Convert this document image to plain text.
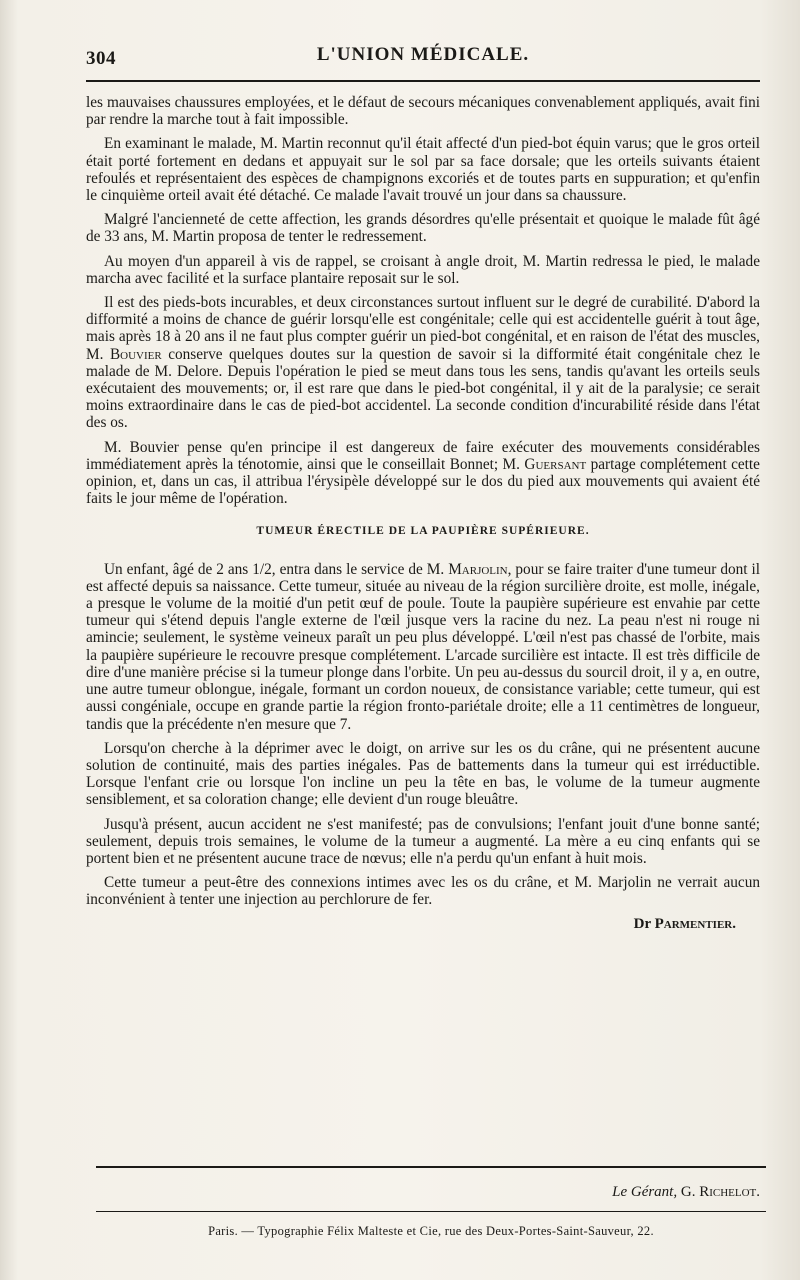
304	L'UNION MÉDICALE.

les mauvaises chaussures employées, et le défaut de secours mécaniques convenablement appliqués, avait fini par rendre la marche tout à fait impossible.

En examinant le malade, M. Martin reconnut qu'il était affecté d'un pied-bot équin varus; que le gros orteil était porté fortement en dedans et appuyait sur le sol par sa face dorsale; que les orteils suivants étaient refoulés et représentaient des espèces de champignons excoriés et de toutes parts en suppuration; et qu'enfin le cinquième orteil avait été détaché. Ce malade l'avait trouvé un jour dans sa chaussure.

Malgré l'ancienneté de cette affection, les grands désordres qu'elle présentait et quoique le malade fût âgé de 33 ans, M. Martin proposa de tenter le redressement.

Au moyen d'un appareil à vis de rappel, se croisant à angle droit, M. Martin redressa le pied, le malade marcha avec facilité et la surface plantaire reposait sur le sol.

Il est des pieds-bots incurables, et deux circonstances surtout influent sur le degré de curabilité. D'abord la difformité a moins de chance de guérir lorsqu'elle est congénitale; celle qui est accidentelle guérit à tout âge, mais après 18 à 20 ans il ne faut plus compter guérir un pied-bot congénital, et en raison de l'état des muscles, M. Bouvier conserve quelques doutes sur la question de savoir si la difformité était congénitale chez le malade de M. Delore. Depuis l'opération le pied se meut dans tous les sens, tandis qu'avant les orteils seuls exécutaient des mouvements; or, il est rare que dans le pied-bot congénital, il y ait de la paralysie; ce serait moins extraordinaire dans le cas de pied-bot accidentel. La seconde condition d'incurabilité réside dans l'état des os.

M. Bouvier pense qu'en principe il est dangereux de faire exécuter des mouvements considérables immédiatement après la ténotomie, ainsi que le conseillait Bonnet; M. Guersant partage complétement cette opinion, et, dans un cas, il attribua l'érysipèle développé sur le dos du pied aux mouvements qui avaient été faits le jour même de l'opération.

TUMEUR ÉRECTILE DE LA PAUPIÈRE SUPÉRIEURE.

Un enfant, âgé de 2 ans 1/2, entra dans le service de M. Marjolin, pour se faire traiter d'une tumeur dont il est affecté depuis sa naissance. Cette tumeur, située au niveau de la région surcilière droite, est molle, inégale, a presque le volume de la moitié d'un petit œuf de poule. Toute la paupière supérieure est envahie par cette tumeur qui s'étend depuis l'angle externe de l'œil jusque vers la racine du nez. La peau n'est ni rouge ni amincie; seulement, le système veineux paraît un peu plus développé. L'œil n'est pas chassé de l'orbite, mais la paupière supérieure le recouvre presque complétement. L'arcade surcilière est intacte. Il est très difficile de dire d'une manière précise si la tumeur plonge dans l'orbite. Un peu au-dessus du sourcil droit, il y a, en outre, une autre tumeur oblongue, inégale, formant un cordon noueux, de consistance variable; cette tumeur, qui est aussi congéniale, occupe en grande partie la région fronto-pariétale droite; elle a 11 centimètres de longueur, tandis que la précédente n'en mesure que 7.

Lorsqu'on cherche à la déprimer avec le doigt, on arrive sur les os du crâne, qui ne présentent aucune solution de continuité, mais des parties inégales. Pas de battements dans la tumeur qui est irréductible. Lorsque l'enfant crie ou lorsque l'on incline un peu la tête en bas, le volume de la tumeur augmente sensiblement, et sa coloration change; elle devient d'un rouge bleuâtre.

Jusqu'à présent, aucun accident ne s'est manifesté; pas de convulsions; l'enfant jouit d'une bonne santé; seulement, depuis trois semaines, le volume de la tumeur a augmenté. La mère a eu cinq enfants qui se portent bien et ne présentent aucune trace de nœvus; elle n'a perdu qu'un enfant à huit mois.

Cette tumeur a peut-être des connexions intimes avec les os du crâne, et M. Marjolin ne verrait aucun inconvénient à tenter une injection au perchlorure de fer.

Dr Parmentier.
Le Gérant, G. Richelot.
Paris. — Typographie Félix Malteste et Cie, rue des Deux-Portes-Saint-Sauveur, 22.
